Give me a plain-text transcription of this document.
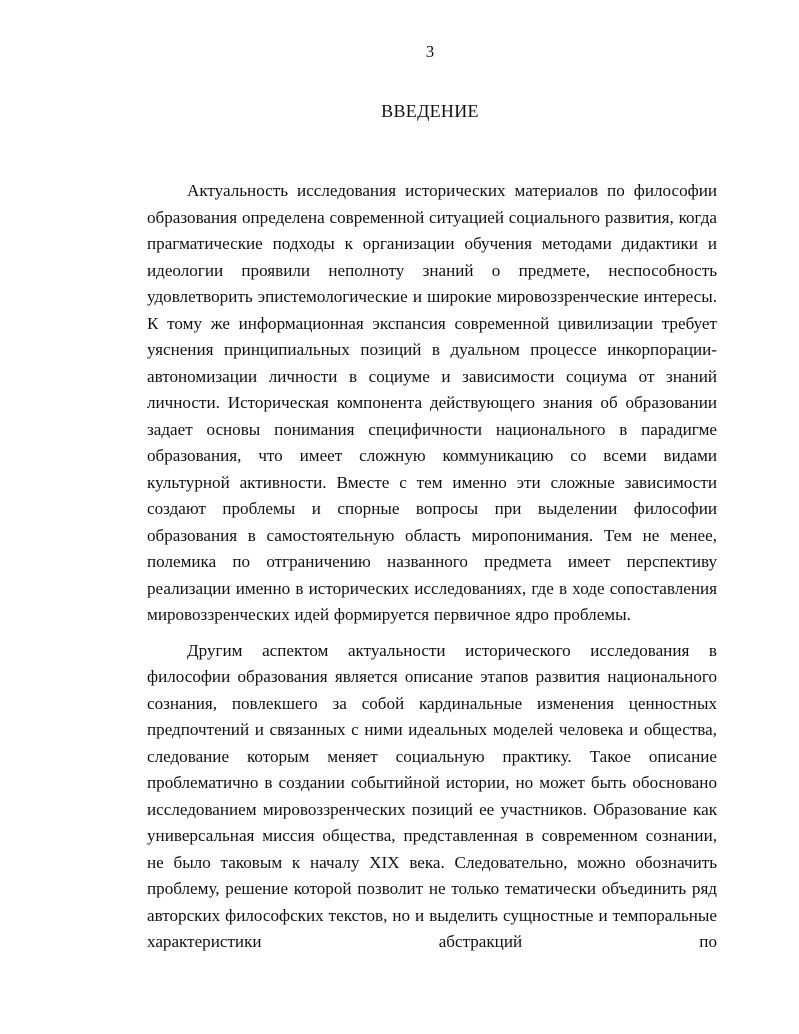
3
ВВЕДЕНИЕ

Актуальность исследования исторических материалов по философии образования определена современной ситуацией социального развития, когда прагматические подходы к организации обучения методами дидактики и идеологии проявили неполноту знаний о предмете, неспособность удовлетворить эпистемологические и широкие мировоззренческие интересы. К тому же информационная экспансия современной цивилизации требует уяснения принципиальных позиций в дуальном процессе инкорпорации-автономизации личности в социуме и зависимости социума от знаний личности. Историческая компонента действующего знания об образовании задает основы понимания специфичности национального в парадигме образования, что имеет сложную коммуникацию со всеми видами культурной активности. Вместе с тем именно эти сложные зависимости создают проблемы и спорные вопросы при выделении философии образования в самостоятельную область миропонимания. Тем не менее, полемика по отграничению названного предмета имеет перспективу реализации именно в исторических исследованиях, где в ходе сопоставления мировоззренческих идей формируется первичное ядро проблемы.

Другим аспектом актуальности исторического исследования в философии образования является описание этапов развития национального сознания, повлекшего за собой кардинальные изменения ценностных предпочтений и связанных с ними идеальных моделей человека и общества, следование которым меняет социальную практику. Такое описание проблематично в создании событийной истории, но может быть обосновано исследованием мировоззренческих позиций ее участников. Образование как универсальная миссия общества, представленная в современном сознании, не было таковым к началу XIX века. Следовательно, можно обозначить проблему, решение которой позволит не только тематически объединить ряд авторских философских текстов, но и выделить сущностные и темпоральные характеристики абстракций по
